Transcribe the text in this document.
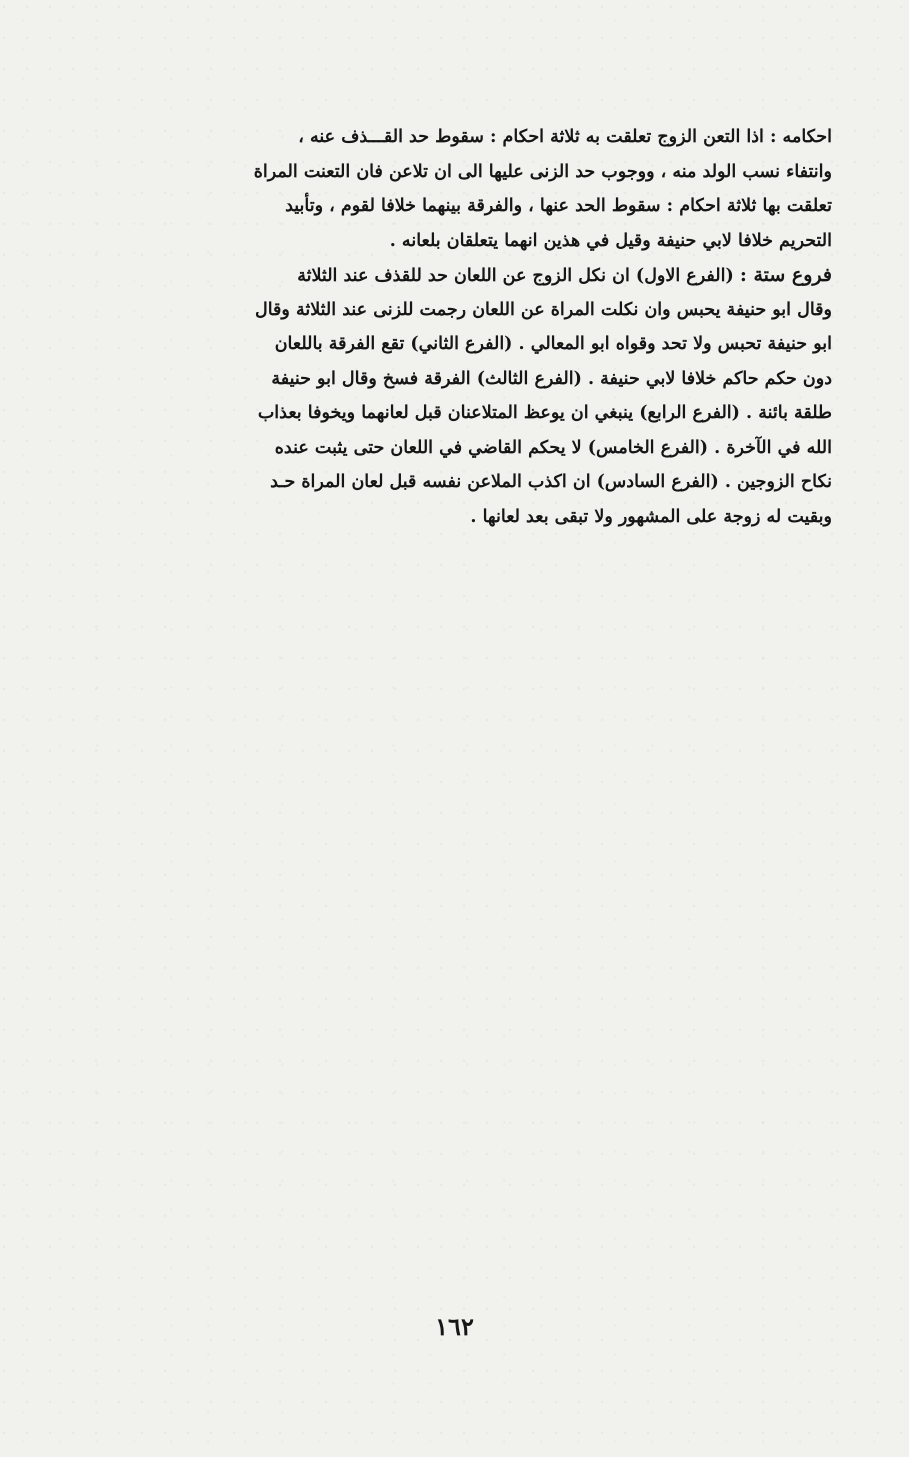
احكامه : اذا التعن الزوج تعلقت به ثلاثة احكام : سقوط حد القـــذف عنه ،
وانتفاء نسب الولد منه ، ووجوب حد الزنى عليها الى ان تلاعن فان التعنت المراة
تعلقت بها ثلاثة احكام : سقوط الحد عنها ، والفرقة بينهما خلافا لقوم ، وتأبيد
التحريم خلافا لابي حنيفة وقيل في هذين انهما يتعلقان بلعانه .
فروع ستة : (الفرع الاول) ان نكل الزوج عن اللعان حد للقذف عند الثلاثة
وقال ابو حنيفة يحبس وان نكلت المراة عن اللعان رجمت للزنى عند الثلاثة وقال
ابو حنيفة تحبس ولا تحد وقواه ابو المعالي . (الفرع الثاني) تقع الفرقة باللعان
دون حكم حاكم خلافا لابي حنيفة . (الفرع الثالث) الفرقة فسخ وقال ابو حنيفة
طلقة بائنة . (الفرع الرابع) ينبغي ان يوعظ المتلاعنان قبل لعانهما ويخوفا بعذاب
الله في الآخرة . (الفرع الخامس) لا يحكم القاضي في اللعان حتى يثبت عنده
نكاح الزوجين . (الفرع السادس) ان اكذب الملاعن نفسه قبل لعان المراة حـد
وبقيت له زوجة على المشهور ولا تبقى بعد لعانها .
١٦٢
